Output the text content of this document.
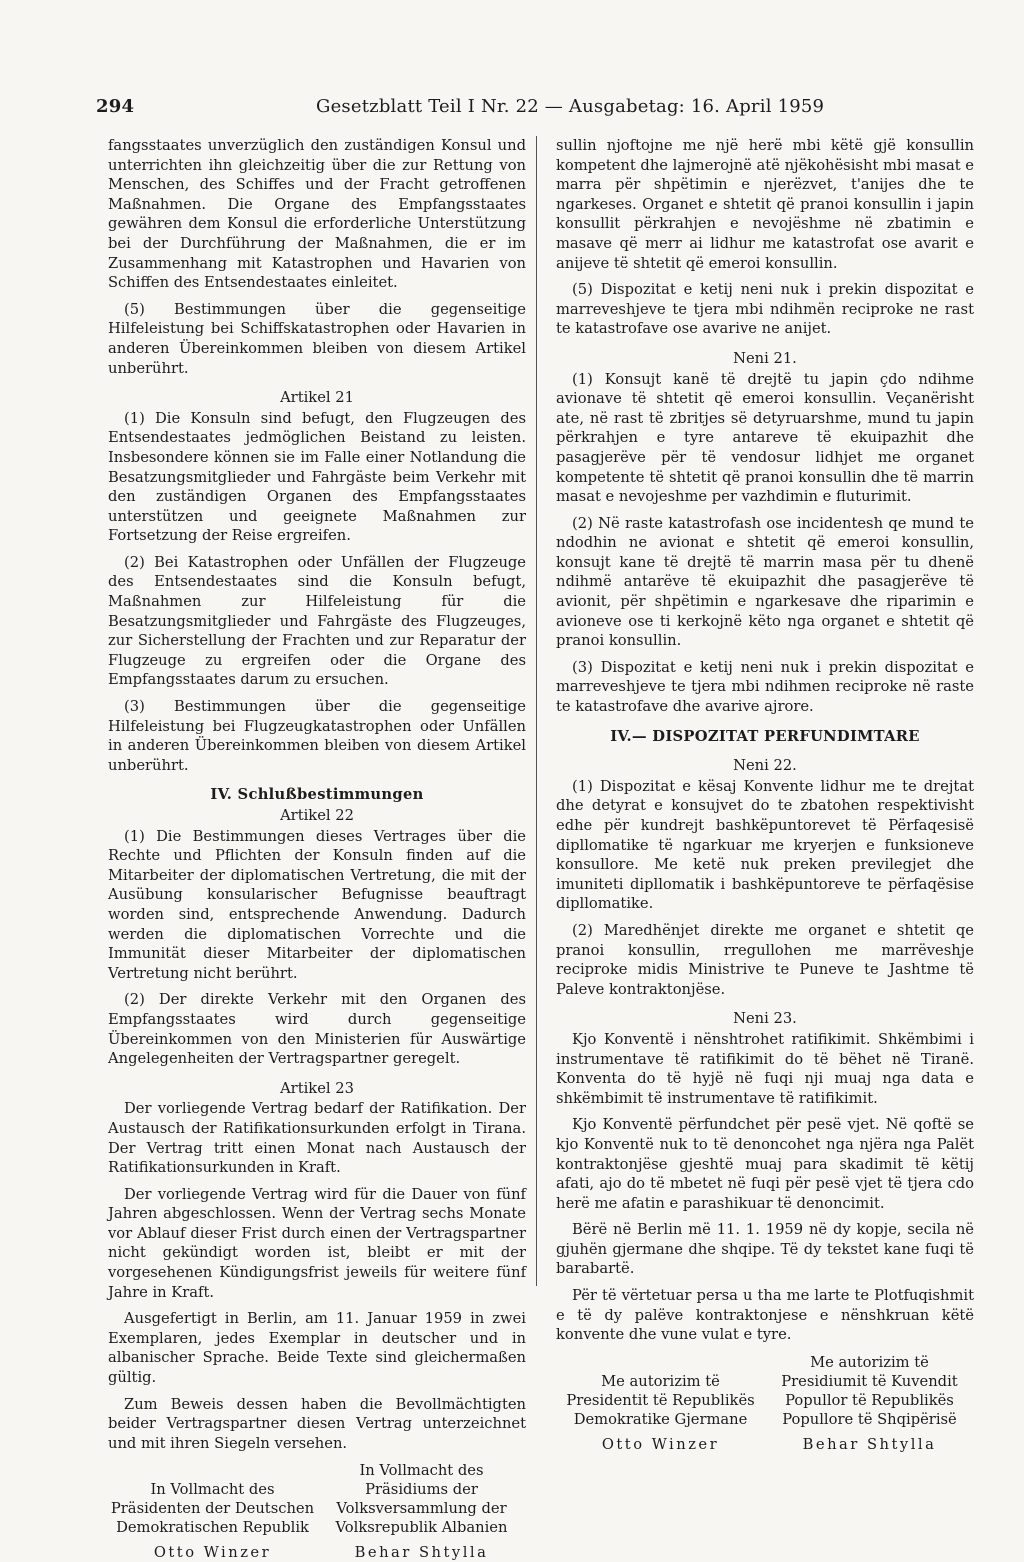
294	Gesetzblatt Teil I Nr. 22 — Ausgabetag: 16. April 1959

fangsstaates unverzüglich den zuständigen Konsul und unterrichten ihn gleichzeitig über die zur Rettung von Menschen, des Schiffes und der Fracht getroffenen Maßnahmen. Die Organe des Empfangsstaates gewähren dem Konsul die erforderliche Unterstützung bei der Durchführung der Maßnahmen, die er im Zusammenhang mit Katastrophen und Havarien von Schiffen des Entsendestaates einleitet.

(5) Bestimmungen über die gegenseitige Hilfeleistung bei Schiffskatastrophen oder Havarien in anderen Übereinkommen bleiben von diesem Artikel unberührt.

Artikel 21

(1) Die Konsuln sind befugt, den Flugzeugen des Entsendestaates jedmöglichen Beistand zu leisten. Insbesondere können sie im Falle einer Notlandung die Besatzungsmitglieder und Fahrgäste beim Verkehr mit den zuständigen Organen des Empfangsstaates unterstützen und geeignete Maßnahmen zur Fortsetzung der Reise ergreifen.

(2) Bei Katastrophen oder Unfällen der Flugzeuge des Entsendestaates sind die Konsuln befugt, Maßnahmen zur Hilfeleistung für die Besatzungsmitglieder und Fahrgäste des Flugzeuges, zur Sicherstellung der Frachten und zur Reparatur der Flugzeuge zu ergreifen oder die Organe des Empfangsstaates darum zu ersuchen.

(3) Bestimmungen über die gegenseitige Hilfeleistung bei Flugzeugkatastrophen oder Unfällen in anderen Übereinkommen bleiben von diesem Artikel unberührt.

IV. Schlußbestimmungen
Artikel 22

(1) Die Bestimmungen dieses Vertrages über die Rechte und Pflichten der Konsuln finden auf die Mitarbeiter der diplomatischen Vertretung, die mit der Ausübung konsularischer Befugnisse beauftragt worden sind, entsprechende Anwendung. Dadurch werden die diplomatischen Vorrechte und die Immunität dieser Mitarbeiter der diplomatischen Vertretung nicht berührt.

(2) Der direkte Verkehr mit den Organen des Empfangsstaates wird durch gegenseitige Übereinkommen von den Ministerien für Auswärtige Angelegenheiten der Vertragspartner geregelt.

Artikel 23

Der vorliegende Vertrag bedarf der Ratifikation. Der Austausch der Ratifikationsurkunden erfolgt in Tirana. Der Vertrag tritt einen Monat nach Austausch der Ratifikationsurkunden in Kraft.

Der vorliegende Vertrag wird für die Dauer von fünf Jahren abgeschlossen. Wenn der Vertrag sechs Monate vor Ablauf dieser Frist durch einen der Vertragspartner nicht gekündigt worden ist, bleibt er mit der vorgesehenen Kündigungsfrist jeweils für weitere fünf Jahre in Kraft.

Ausgefertigt in Berlin, am 11. Januar 1959 in zwei Exemplaren, jedes Exemplar in deutscher und in albanischer Sprache. Beide Texte sind gleichermaßen gültig.

Zum Beweis dessen haben die Bevollmächtigten beider Vertragspartner diesen Vertrag unterzeichnet und mit ihren Siegeln versehen.

In Vollmacht des
Präsidenten der Deutschen
Demokratischen Republik
Otto Winzer
In Vollmacht des
Präsidiums der
Volksversammlung der
Volksrepublik Albanien
Behar Shtylla

sullin njoftojne me një herë mbi këtë gjë konsullin kompetent dhe lajmerojnë atë njëkohësisht mbi masat e marra për shpëtimin e njerëzvet, t'anijes dhe te ngarkeses. Organet e shtetit që pranoi konsullin i japin konsullit përkrahjen e nevojëshme në zbatimin e masave që merr ai lidhur me katastrofat ose avarit e anijeve të shtetit që emeroi konsullin.

(5) Dispozitat e ketij neni nuk i prekin dispozitat e marreveshjeve te tjera mbi ndihmën reciproke ne rast te katastrofave ose avarive ne anijet.

Neni 21.

(1) Konsujt kanë të drejtë tu japin çdo ndihme avionave të shtetit që emeroi konsullin. Veçanërisht ate, në rast të zbritjes së detyruarshme, mund tu japin përkrahjen e tyre antareve të ekuipazhit dhe pasagjerëve për të vendosur lidhjet me organet kompetente të shtetit që pranoi konsullin dhe të marrin masat e nevojeshme per vazhdimin e fluturimit.

(2) Në raste katastrofash ose incidentesh qe mund te ndodhin ne avionat e shtetit që emeroi konsullin, konsujt kane të drejtë të marrin masa për tu dhenë ndihmë antarëve të ekuipazhit dhe pasagjerëve të avionit, për shpëtimin e ngarkesave dhe riparimin e avioneve ose ti kerkojnë këto nga organet e shtetit që pranoi konsullin.

(3) Dispozitat e ketij neni nuk i prekin dispozitat e marreveshjeve te tjera mbi ndihmen reciproke në raste te katastrofave dhe avarive ajrore.

IV.— DISPOZITAT PERFUNDIMTARE
Neni 22.

(1) Dispozitat e kësaj Konvente lidhur me te drejtat dhe detyrat e konsujvet do te zbatohen respektivisht edhe për kundrejt bashkëpuntorevet të Përfaqesisë dipllomatike të ngarkuar me kryerjen e funksioneve konsullore. Me ketë nuk preken previlegjet dhe imuniteti dipllomatik i bashkëpuntoreve te përfaqësise dipllomatike.

(2) Maredhënjet direkte me organet e shtetit qe pranoi konsullin, rregullohen me marrëveshje reciproke midis Ministrive te Puneve te Jashtme të Paleve kontraktonjëse.

Neni 23.

Kjo Konventë i nënshtrohet ratifikimit. Shkëmbimi i instrumentave të ratifikimit do të bëhet në Tiranë. Konventa do të hyjë në fuqi nji muaj nga data e shkëmbimit të instrumentave të ratifikimit.

Kjo Konventë përfundchet për pesë vjet. Në qoftë se kjo Konventë nuk to të denoncohet nga njëra nga Palët kontraktonjëse gjeshtë muaj para skadimit të këtij afati, ajo do të mbetet në fuqi për pesë vjet të tjera cdo herë me afatin e parashikuar të denoncimit.

Bërë në Berlin më 11. 1. 1959 në dy kopje, secila në gjuhën gjermane dhe shqipe. Të dy tekstet kane fuqi të barabartë.

Për të vërtetuar persa u tha me larte te Plotfuqishmit e të dy palëve kontraktonjese e nënshkruan këtë konvente dhe vune vulat e tyre.

Me autorizim të
Presidentit të Republikës
Demokratike Gjermane
Otto Winzer
Me autorizim të
Presidiumit të Kuvendit
Popullor të Republikës
Popullore të Shqipërisë
Behar Shtylla
